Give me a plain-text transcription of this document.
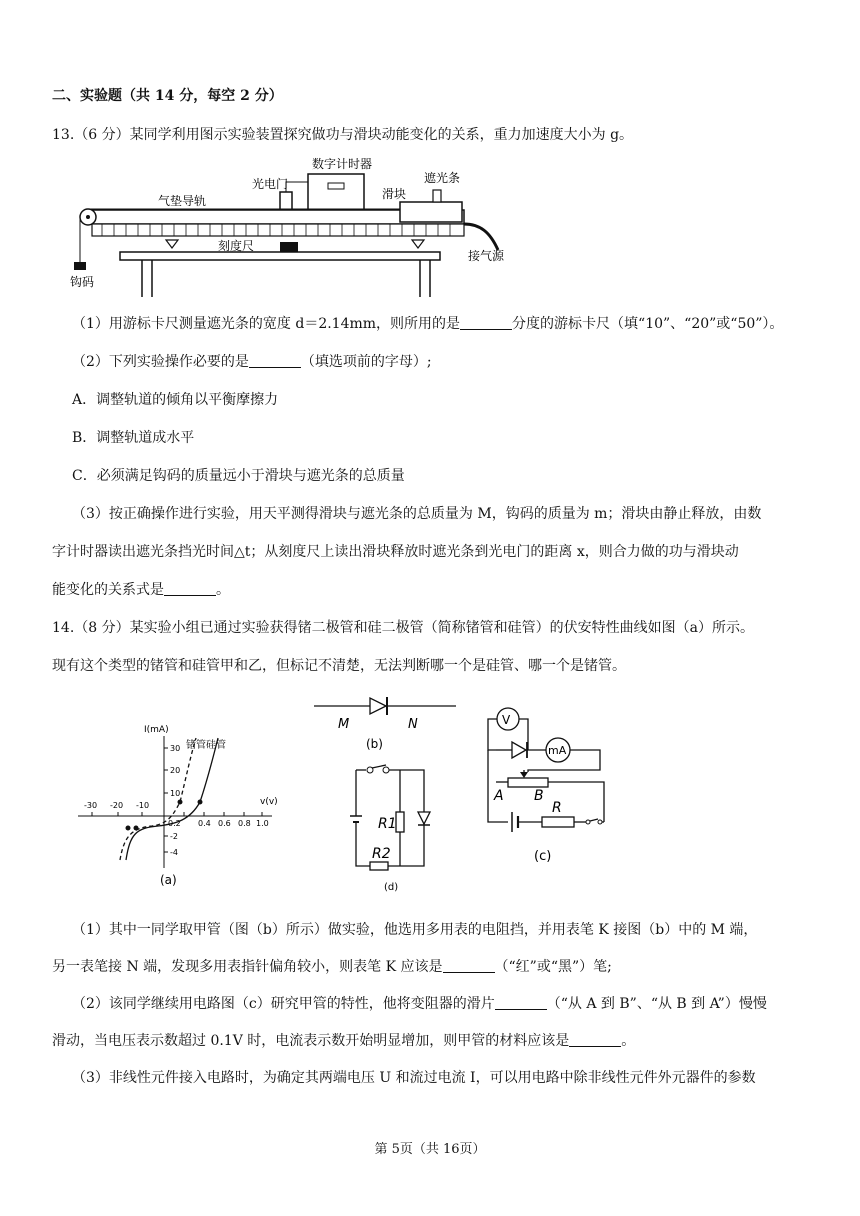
二、实验题（共 14 分，每空 2 分）
13.（6 分）某同学利用图示实验装置探究做功与滑块动能变化的关系，重力加速度大小为 g。
数字计时器
光电门
气垫导轨
遮光条
滑块
刻度尺
钩码
接气源
（1）用游标卡尺测量遮光条的宽度 d＝2.14mm，则所用的是	分度的游标卡尺（填“10”、“20”或“50”）。
（2）下列实验操作必要的是	（填选项前的字母）;
A．调整轨道的倾角以平衡摩擦力
B．调整轨道成水平
C．必须满足钩码的质量远小于滑块与遮光条的总质量
（3）按正确操作进行实验，用天平测得滑块与遮光条的总质量为 M，钩码的质量为 m；滑块由静止释放，由数
字计时器读出遮光条挡光时间△t；从刻度尺上读出滑块释放时遮光条到光电门的距离 x，则合力做的功与滑块动
能变化的关系式是	。
14.（8 分）某实验小组已通过实验获得锗二极管和硅二极管（简称锗管和硅管）的伏安特性曲线如图（a）所示。
现有这个类型的锗管和硅管甲和乙，但标记不清楚，无法判断哪一个是硅管、哪一个是锗管。
I(mA)
v(v)
锗管硅管
30
20
10
-2
-4
-30 -20 -10
0.2 0.4 0.6 0.8 1.0
(a)
M	N
(b)
R1
R2
(d)
V
mA
A B
R
(c)
（1）其中一同学取甲管（图（b）所示）做实验，他选用多用表的电阻挡，并用表笔 K 接图（b）中的 M 端，
另一表笔接 N 端，发现多用表指针偏角较小，则表笔 K 应该是	（“红”或“黑”）笔;
（2）该同学继续用电路图（c）研究甲管的特性，他将变阻器的滑片	（“从 A 到 B”、“从 B 到 A”）慢慢
滑动，当电压表示数超过 0.1V 时，电流表示数开始明显增加，则甲管的材料应该是	。
（3）非线性元件接入电路时，为确定其两端电压 U 和流过电流 I，可以用电路中除非线性元件外元器件的参数
第 5页（共 16页）
